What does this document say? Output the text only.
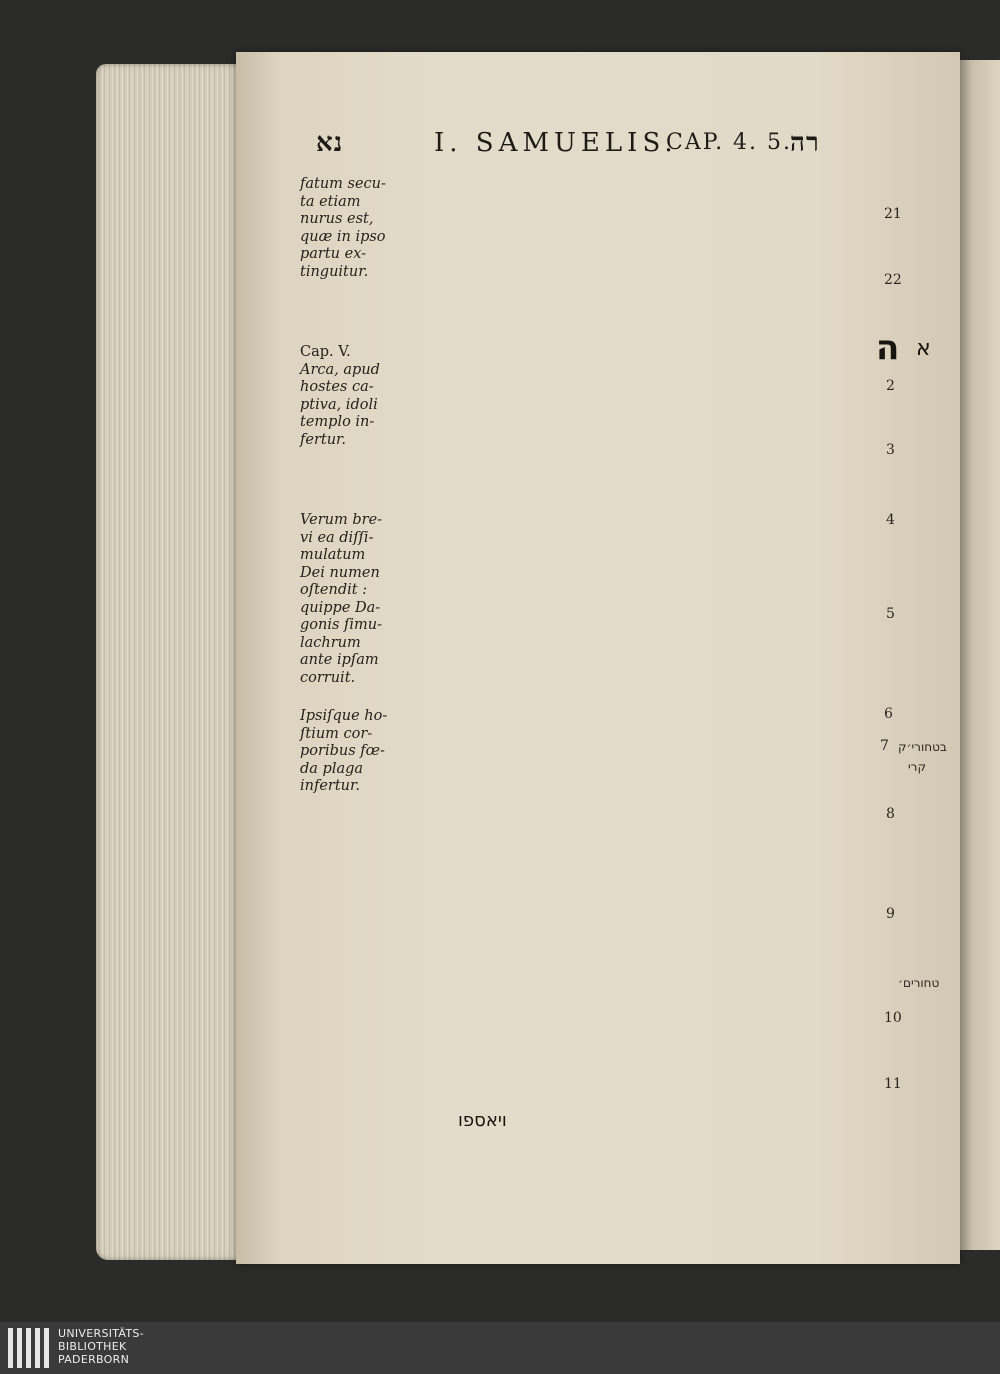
נא	I. SAMUELIS.
CAP. 4. 5.
רה
fatum secu-
ta etiam
nurus est,
quæ in ipso
partu ex-
tinguitur.
Cap. V.
Arca, apud
hostes ca-
ptiva, idoli
templo in-
fertur.
Verum bre-
vi ea diſſi-
mulatum
Dei numen
oſtendit :
quippe Da-
gonis ſimu-
lachrum
ante ipſam
corruit.
Ipsiſque ho-
ſtium cor-
poribus fœ-
da plaga
infertur.
21
22
2
3
4
5
6
7
8
9
10
11
ה א
בטחורי׳ק
קרי
טחורים׳
ויאספו
UNIVERSITÄTS-
BIBLIOTHEK
PADERBORN
